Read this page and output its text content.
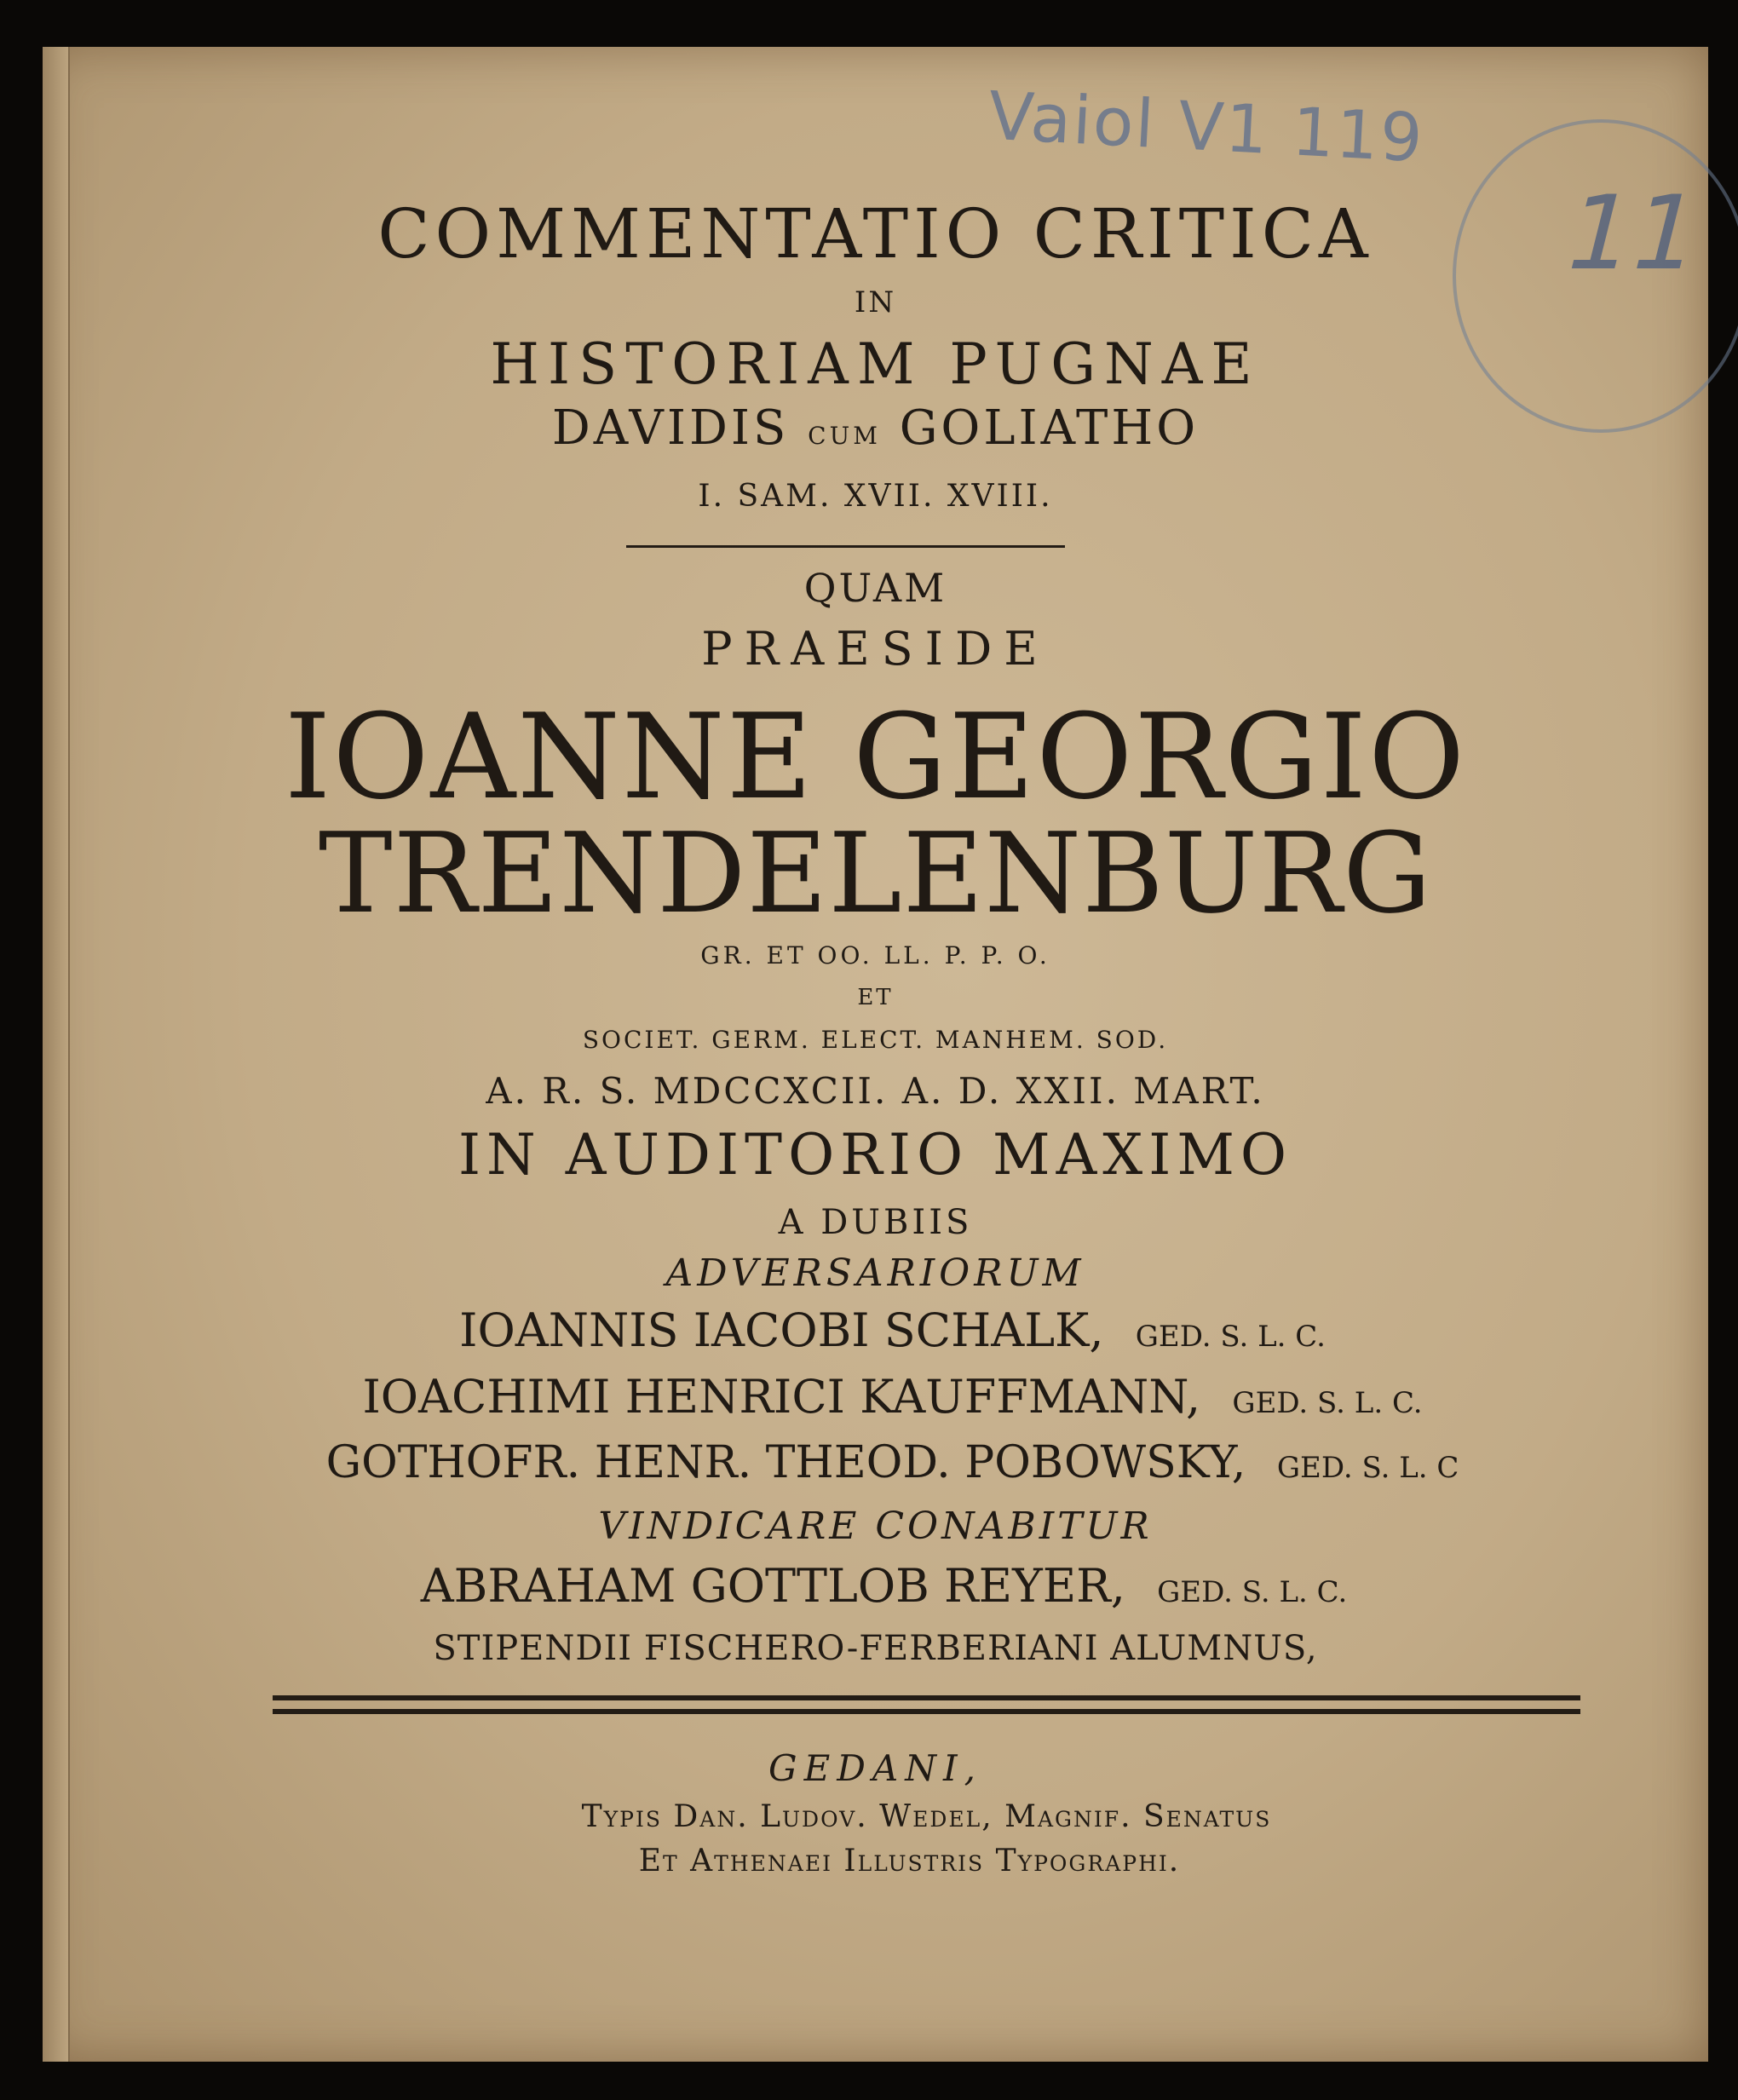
Vaiol V1 119
11
COMMENTATIO CRITICA
IN
HISTORIAM PUGNAE
DAVIDIS cum GOLIATHO
I. SAM. XVII. XVIII.
QUAM
PRAESIDE
IOANNE GEORGIO
TRENDELENBURG
GR. ET OO. LL. P. P. O.
ET
SOCIET. GERM. ELECT. MANHEM. SOD.
A. R. S. MDCCXCII. A. D. XXII. MART.
IN AUDITORIO MAXIMO
A DUBIIS
ADVERSARIORUM
IOANNIS IACOBI SCHALK, GED. S. L. C.
IOACHIMI HENRICI KAUFFMANN, GED. S. L. C.
GOTHOFR. HENR. THEOD. POBOWSKY, GED. S. L. C
VINDICARE CONABITUR
ABRAHAM GOTTLOB REYER, GED. S. L. C.
STIPENDII FISCHERO-FERBERIANI ALUMNUS,
GEDANI,
Typis Dan. Ludov. Wedel, Magnif. Senatus
Et Athenaei Illustris Typographi.
